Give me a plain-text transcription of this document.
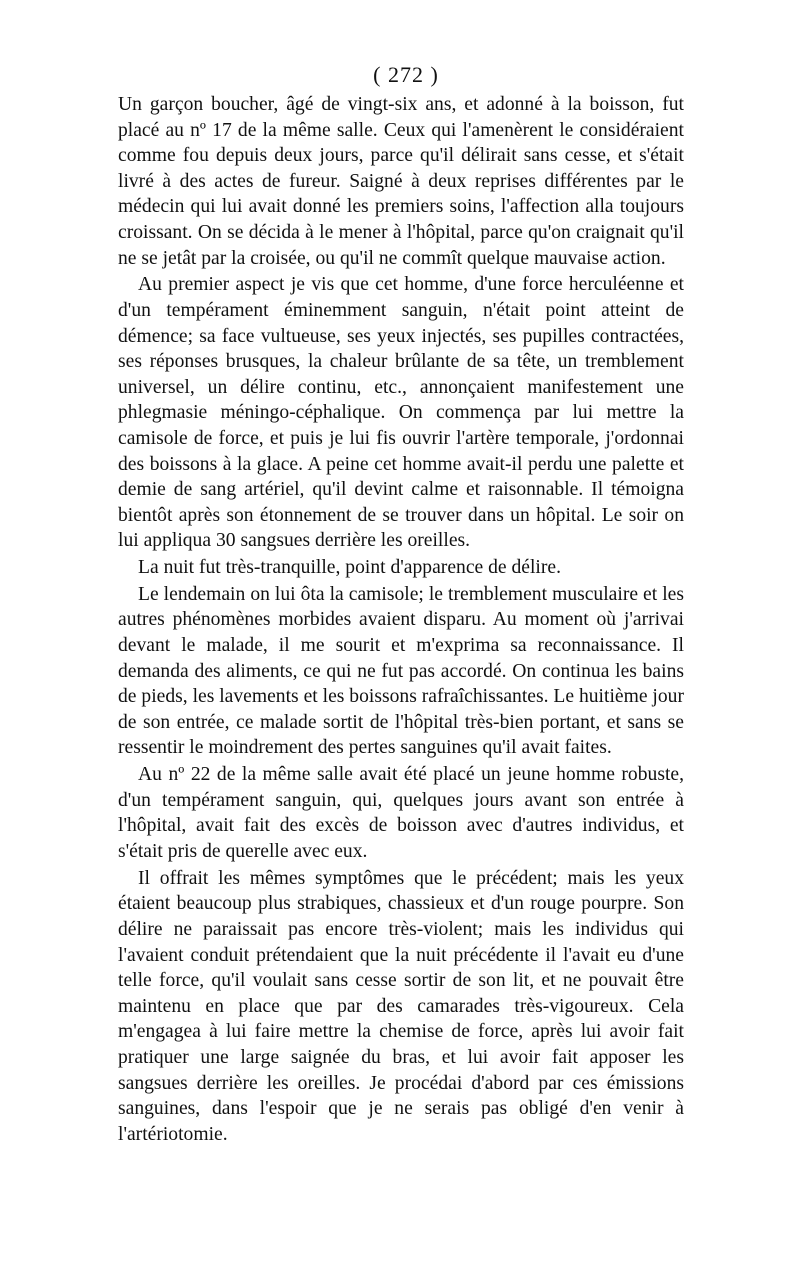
( 272 )

Un garçon boucher, âgé de vingt-six ans, et adonné à la boisson, fut placé au nº 17 de la même salle. Ceux qui l'amenèrent le considéraient comme fou depuis deux jours, parce qu'il délirait sans cesse, et s'était livré à des actes de fureur. Saigné à deux reprises différentes par le médecin qui lui avait donné les premiers soins, l'affection alla toujours croissant. On se décida à le mener à l'hôpital, parce qu'on craignait qu'il ne se jetât par la croisée, ou qu'il ne commît quelque mauvaise action.

Au premier aspect je vis que cet homme, d'une force herculéenne et d'un tempérament éminemment sanguin, n'était point atteint de démence; sa face vultueuse, ses yeux injectés, ses pupilles contractées, ses réponses brusques, la chaleur brûlante de sa tête, un tremblement universel, un délire continu, etc., annonçaient manifestement une phlegmasie méningo-céphalique. On commença par lui mettre la camisole de force, et puis je lui fis ouvrir l'artère temporale, j'ordonnai des boissons à la glace. A peine cet homme avait-il perdu une palette et demie de sang artériel, qu'il devint calme et raisonnable. Il témoigna bientôt après son étonnement de se trouver dans un hôpital. Le soir on lui appliqua 30 sangsues derrière les oreilles.

La nuit fut très-tranquille, point d'apparence de délire.

Le lendemain on lui ôta la camisole; le tremblement musculaire et les autres phénomènes morbides avaient disparu. Au moment où j'arrivai devant le malade, il me sourit et m'exprima sa reconnaissance. Il demanda des aliments, ce qui ne fut pas accordé. On continua les bains de pieds, les lavements et les boissons rafraîchissantes. Le huitième jour de son entrée, ce malade sortit de l'hôpital très-bien portant, et sans se ressentir le moindrement des pertes sanguines qu'il avait faites.

Au nº 22 de la même salle avait été placé un jeune homme robuste, d'un tempérament sanguin, qui, quelques jours avant son entrée à l'hôpital, avait fait des excès de boisson avec d'autres individus, et s'était pris de querelle avec eux.

Il offrait les mêmes symptômes que le précédent; mais les yeux étaient beaucoup plus strabiques, chassieux et d'un rouge pourpre. Son délire ne paraissait pas encore très-violent; mais les individus qui l'avaient conduit prétendaient que la nuit précédente il l'avait eu d'une telle force, qu'il voulait sans cesse sortir de son lit, et ne pouvait être maintenu en place que par des camarades très-vigoureux. Cela m'engagea à lui faire mettre la chemise de force, après lui avoir fait pratiquer une large saignée du bras, et lui avoir fait apposer les sangsues derrière les oreilles. Je procédai d'abord par ces émissions sanguines, dans l'espoir que je ne serais pas obligé d'en venir à l'artériotomie.
